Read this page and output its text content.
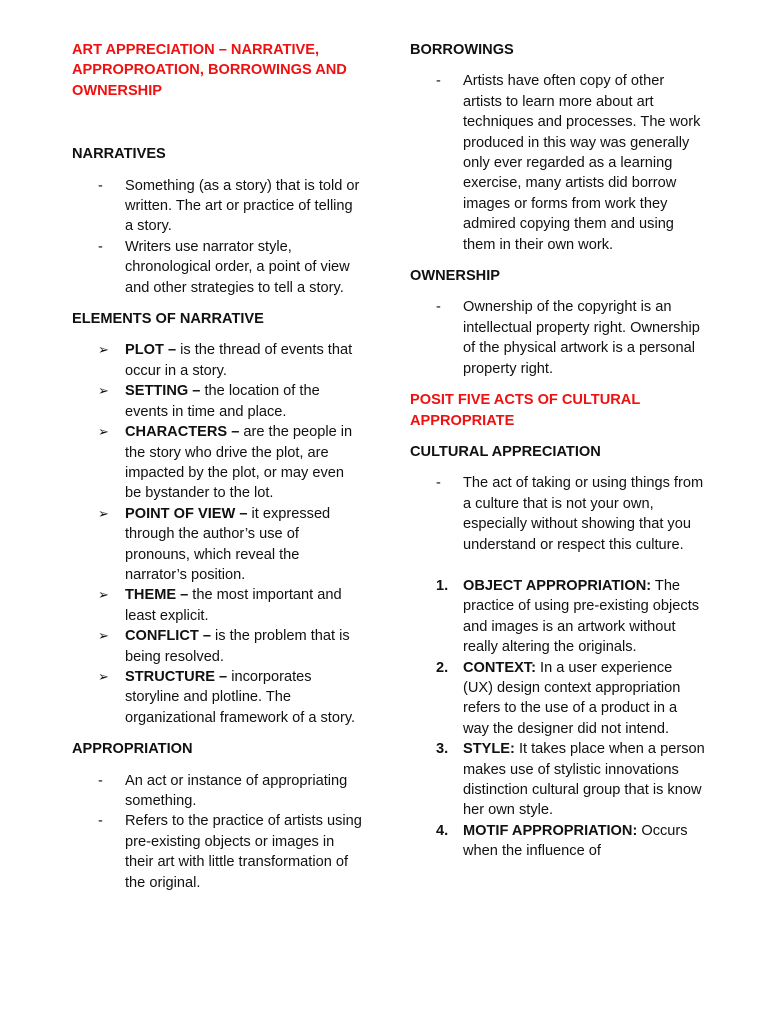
ART APPRECIATION – NARRATIVE, APPROPROATION, BORROWINGS AND OWNERSHIP

NARRATIVES

- Something (as a story) that is told or written. The art or practice of telling a story.
- Writers use narrator style, chronological order, a point of view and other strategies to tell a story.

ELEMENTS OF NARRATIVE

➢ PLOT – is the thread of events that occur in a story.
➢ SETTING – the location of the events in time and place.
➢ CHARACTERS – are the people in the story who drive the plot, are impacted by the plot, or may even be bystander to the lot.
➢ POINT OF VIEW – it expressed through the author’s use of pronouns, which reveal the narrator’s position.
➢ THEME – the most important and least explicit.
➢ CONFLICT – is the problem that is being resolved.
➢ STRUCTURE – incorporates storyline and plotline. The organizational framework of a story.

APPROPRIATION

- An act or instance of appropriating something.
- Refers to the practice of artists using pre-existing objects or images in their art with little transformation of the original.

BORROWINGS

- Artists have often copy of other artists to learn more about art techniques and processes. The work produced in this way was generally only ever regarded as a learning exercise, many artists did borrow images or forms from work they admired copying them and using them in their own work.

OWNERSHIP

- Ownership of the copyright is an intellectual property right. Ownership of the physical artwork is a personal property right.

POSIT FIVE ACTS OF CULTURAL APPROPRIATE

CULTURAL APPRECIATION

- The act of taking or using things from a culture that is not your own, especially without showing that you understand or respect this culture.
1. OBJECT APPROPRIATION: The practice of using pre-existing objects and images is an artwork without really altering the originals.
2. CONTEXT: In a user experience (UX) design context appropriation refers to the use of a product in a way the designer did not intend.
3. STYLE: It takes place when a person makes use of stylistic innovations distinction cultural group that is know her own style.
4. MOTIF APPROPRIATION: Occurs when the influence of
